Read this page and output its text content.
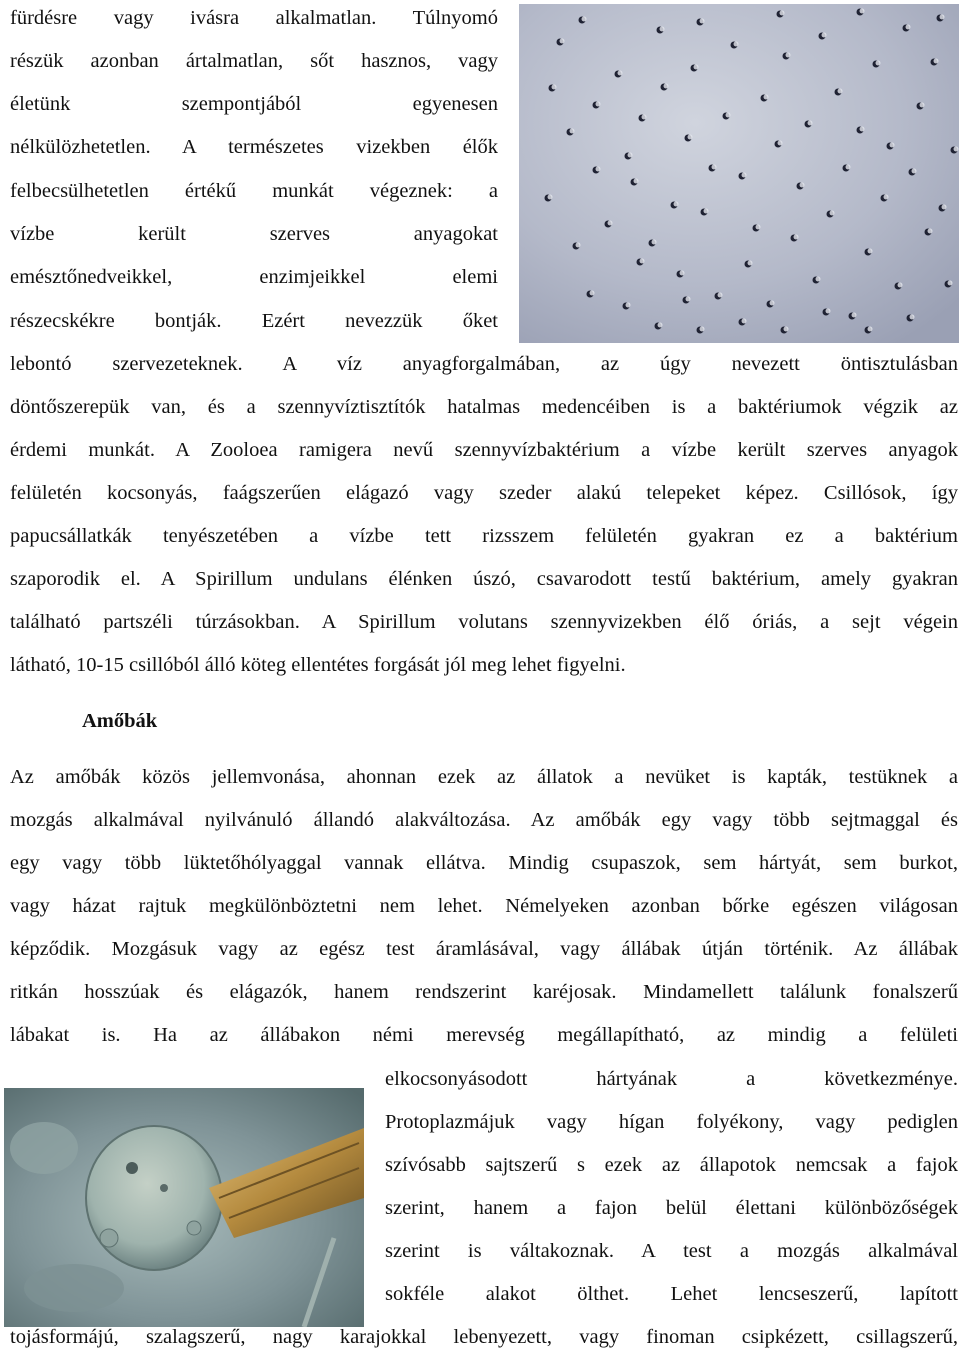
fürdésre vagy ivásra alkalmatlan. Túlnyomó
részük azonban ártalmatlan, sőt hasznos, vagy
életünk szempontjából egyenesen
nélkülözhetetlen. A természetes vizekben élők
felbecsülhetetlen értékű munkát végeznek: a
vízbe került szerves anyagokat
emésztőnedveikkel, enzimjeikkel elemi
részecskékre bontják. Ezért nevezzük őket
lebontó szervezeteknek. A víz anyagforgalmában, az úgy nevezett öntisztulásban
döntőszerepük van, és a szennyvíztisztítók hatalmas medencéiben is a baktériumok végzik az
érdemi munkát. A Zooloea ramigera nevű szennyvízbaktérium a vízbe került szerves anyagok
felületén kocsonyás, faágszerűen elágazó vagy szeder alakú telepeket képez. Csillósok, így
papucsállatkák tenyészetében a vízbe tett rizsszem felületén gyakran ez a baktérium
szaporodik el. A Spirillum undulans élénken úszó, csavarodott testű baktérium, amely gyakran
található partszéli túrzásokban. A Spirillum volutans szennyvizekben élő óriás, a sejt végein
látható, 10-15 csillóból álló köteg ellentétes forgását jól meg lehet figyelni.
Amőbák
Az amőbák közös jellemvonása, ahonnan ezek az állatok a nevüket is kapták, testüknek a
mozgás alkalmával nyilvánuló állandó alakváltozása. Az amőbák egy vagy több sejtmaggal és
egy vagy több lüktetőhólyaggal vannak ellátva. Mindig csupaszok, sem hártyát, sem burkot,
vagy házat rajtuk megkülönböztetni nem lehet. Némelyeken azonban bőrke egészen világosan
képződik. Mozgásuk vagy az egész test áramlásával, vagy állábak útján történik. Az állábak
ritkán hosszúak és elágazók, hanem rendszerint karéjosak. Mindamellett találunk fonalszerű
lábakat is. Ha az állábakon némi merevség megállapítható, az mindig a felületi
elkocsonyásodott hártyának a következménye.
Protoplazmájuk vagy hígan folyékony, vagy pediglen
szívósabb sajtszerű s ezek az állapotok nemcsak a fajok
szerint, hanem a fajon belül élettani különbözőségek
szerint is váltakoznak. A test a mozgás alkalmával
sokféle alakot ölthet. Lehet lencseszerű, lapított
tojásformájú, szalagszerű, nagy karajokkal lebenyezett, vagy finoman csipkézett, csillagszerű,
